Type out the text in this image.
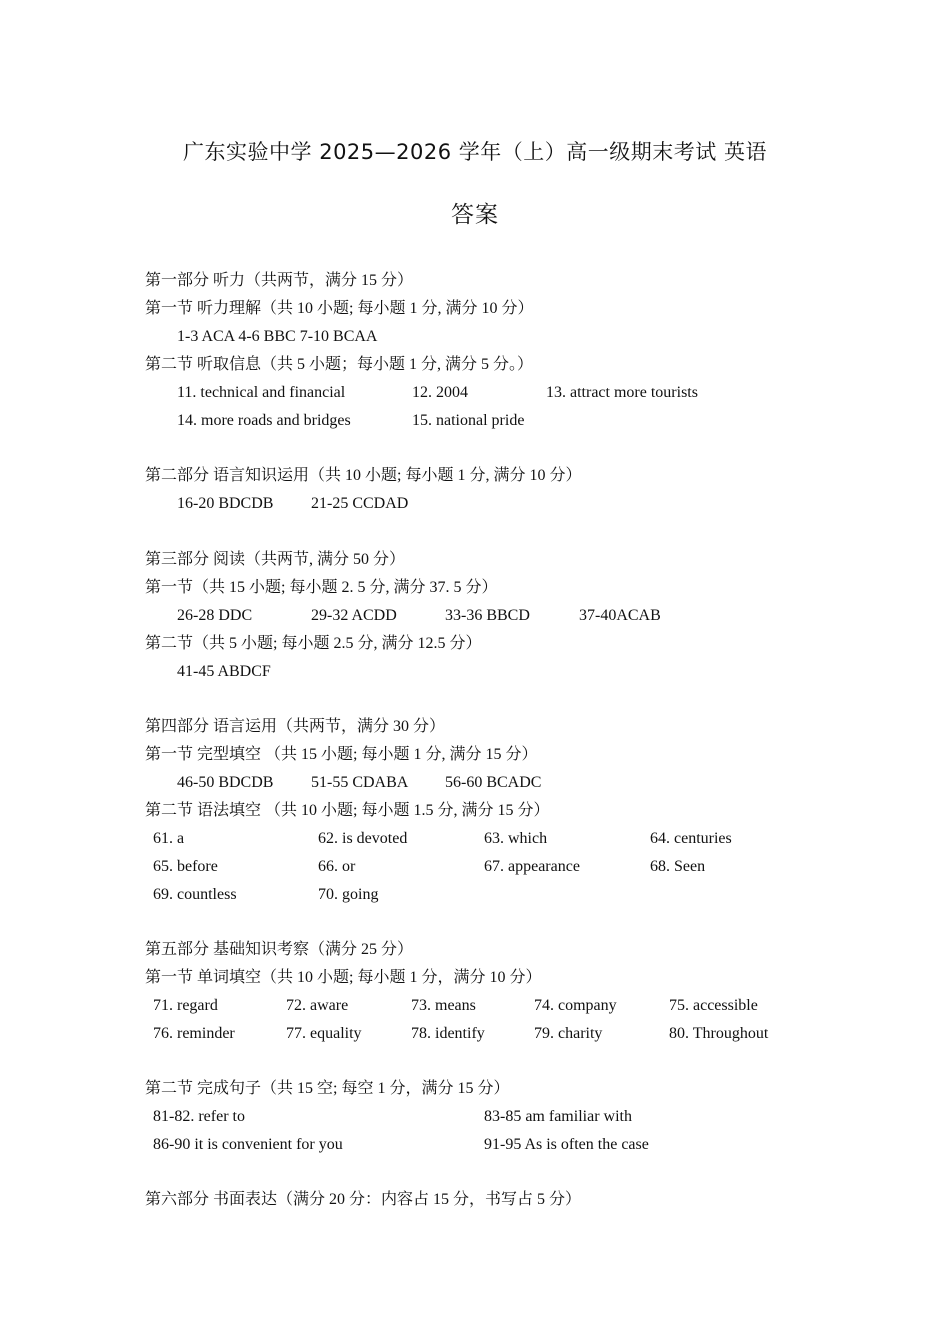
广东实验中学 2025—2026 学年（上）高一级期末考试 英语
答案
第一部分 听力（共两节，满分 15 分）
第一节 听力理解（共 10 小题; 每小题 1 分, 满分 10 分）
1-3 ACA 4-6 BBC 7-10 BCAA
第二节 听取信息（共 5 小题；每小题 1 分, 满分 5 分。）
11. technical and financial	12. 2004	13. attract more tourists
14. more roads and bridges	15. national pride
第二部分 语言知识运用（共 10 小题; 每小题 1 分, 满分 10 分）
16-20 BDCDB 21-25 CCDAD
第三部分 阅读（共两节, 满分 50 分）
第一节（共 15 小题; 每小题 2. 5 分, 满分 37. 5 分）
26-28 DDC	29-32 ACDD	33-36 BBCD	37-40ACAB
第二节（共 5 小题; 每小题 2.5 分, 满分 12.5 分）
41-45 ABDCF
第四部分 语言运用（共两节，满分 30 分）
第一节 完型填空 （共 15 小题; 每小题 1 分, 满分 15 分）
46-50 BDCDB 51-55 CDABA 56-60 BCADC
第二节 语法填空 （共 10 小题; 每小题 1.5 分, 满分 15 分）
61. a	62. is devoted	63. which	64. centuries
65. before	66. or	67. appearance	68. Seen
69. countless	70. going
第五部分 基础知识考察（满分 25 分）
第一节 单词填空（共 10 小题; 每小题 1 分，满分 10 分）
71. regard	72. aware	73. means	74. company	75. accessible
76. reminder	77. equality	78. identify	79. charity	80. Throughout
第二节 完成句子（共 15 空; 每空 1 分，满分 15 分）
81-82. refer to	83-85 am familiar with
86-90 it is convenient for you	91-95 As is often the case
第六部分 书面表达（满分 20 分：内容占 15 分，书写占 5 分）
